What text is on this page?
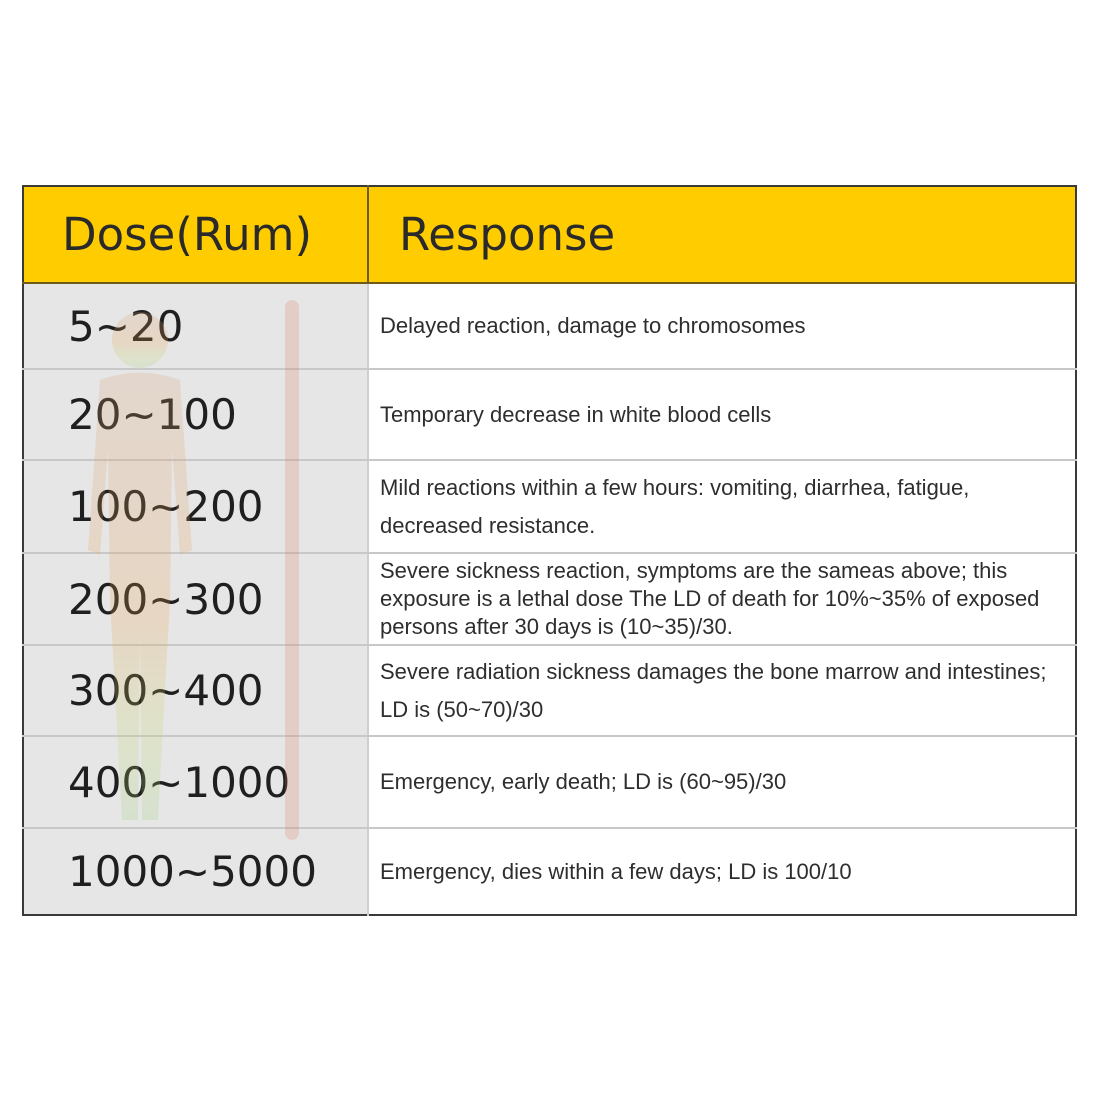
Dose(Rum)	Response
5~20	Delayed reaction, damage to chromosomes
20~100	Temporary decrease in white blood cells
100~200	Mild reactions within a few hours: vomiting, diarrhea, fatigue, decreased resistance.
200~300	Severe sickness reaction, symptoms are the sameas above; this exposure is a lethal dose The LD of death for 10%~35% of exposed persons after 30 days is (10~35)/30.
300~400	Severe radiation sickness damages the bone marrow and intestines; LD is (50~70)/30
400~1000	Emergency, early death; LD is (60~95)/30
1000~5000	Emergency, dies within a few days; LD is 100/10
